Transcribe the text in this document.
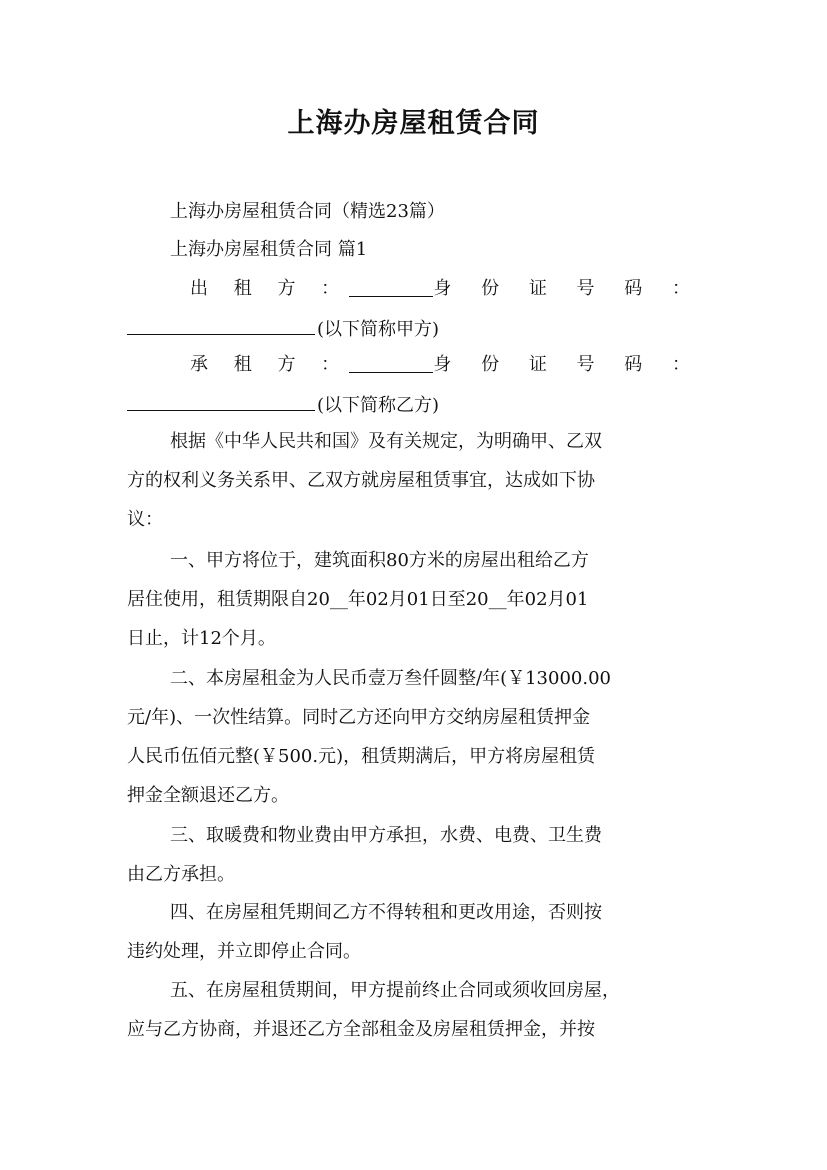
上海办房屋租赁合同
上海办房屋租赁合同（精选23篇）
上海办房屋租赁合同 篇1
出 租 方 ：	身 份 证 号 码 ：
(以下简称甲方)
承 租 方 ：	身 份 证 号 码 ：
(以下简称乙方)
根据《中华人民共和国》及有关规定，为明确甲、乙双
方的权利义务关系甲、乙双方就房屋租赁事宜，达成如下协
议：
一、甲方将位于，建筑面积80方米的房屋出租给乙方
居住使用，租赁期限自20__年02月01日至20__年02月01
日止，计12个月。
二、本房屋租金为人民币壹万叁仟圆整/年(￥13000.00
元/年)、一次性结算。同时乙方还向甲方交纳房屋租赁押金
人民币伍佰元整(￥500.元)，租赁期满后，甲方将房屋租赁
押金全额退还乙方。
三、取暖费和物业费由甲方承担，水费、电费、卫生费
由乙方承担。
四、在房屋租凭期间乙方不得转租和更改用途，否则按
违约处理，并立即停止合同。
五、在房屋租赁期间，甲方提前终止合同或须收回房屋，
应与乙方协商，并退还乙方全部租金及房屋租赁押金，并按
